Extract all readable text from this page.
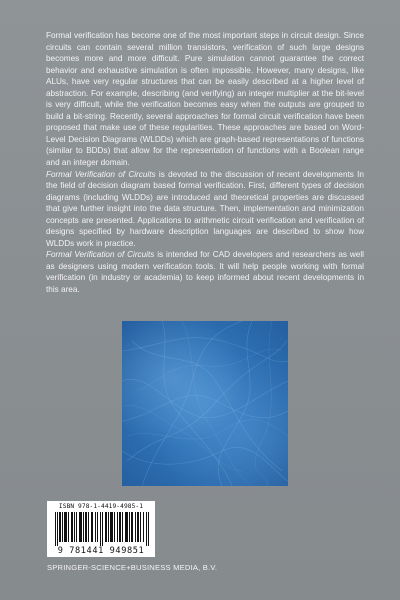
Formal verification has become one of the most important steps in circuit design. Since circuits can contain several million transistors, verification of such large designs becomes more and more difficult. Pure simulation cannot guarantee the correct behavior and exhaustive simulation is often impossible. However, many designs, like ALUs, have very regular structures that can be easily described at a higher level of abstraction. For example, describing (and verifying) an integer multiplier at the bit-level is very difficult, while the verification becomes easy when the outputs are grouped to build a bit-string. Recently, several approaches for formal circuit verification have been proposed that make use of these regularities. These approaches are based on Word-Level Decision Diagrams (WLDDs) which are graph-based representations of functions (similar to BDDs) that allow for the representation of functions with a Boolean range and an integer domain.

Formal Verification of Circuits is devoted to the discussion of recent developments In the field of decision diagram based formal verification. First, different types of decision diagrams (including WLDDs) are introduced and theoretical properties are discussed that give further insight into the data structure. Then, implementation and minimization concepts are presented. Applications to arithmetic circuit verification and verification of designs specified by hardware description languages are described to show how WLDDs work in practice.

Formal Verification of Circuits is intended for CAD developers and researchers as well as designers using modern verification tools. It will help people working with formal verification (in industry or academia) to keep informed about recent developments in this area.

ISBN 978-1-4419-4985-1
9 781441 949851
SPRINGER-SCIENCE+BUSINESS MEDIA, B.V.
